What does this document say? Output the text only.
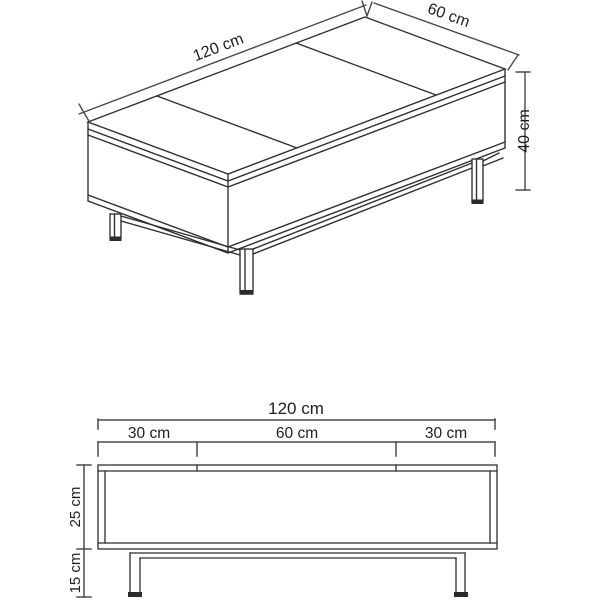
120 cm
60 cm
40 cm
120 cm
30 cm	60 cm	30 cm
25 cm
15 cm
